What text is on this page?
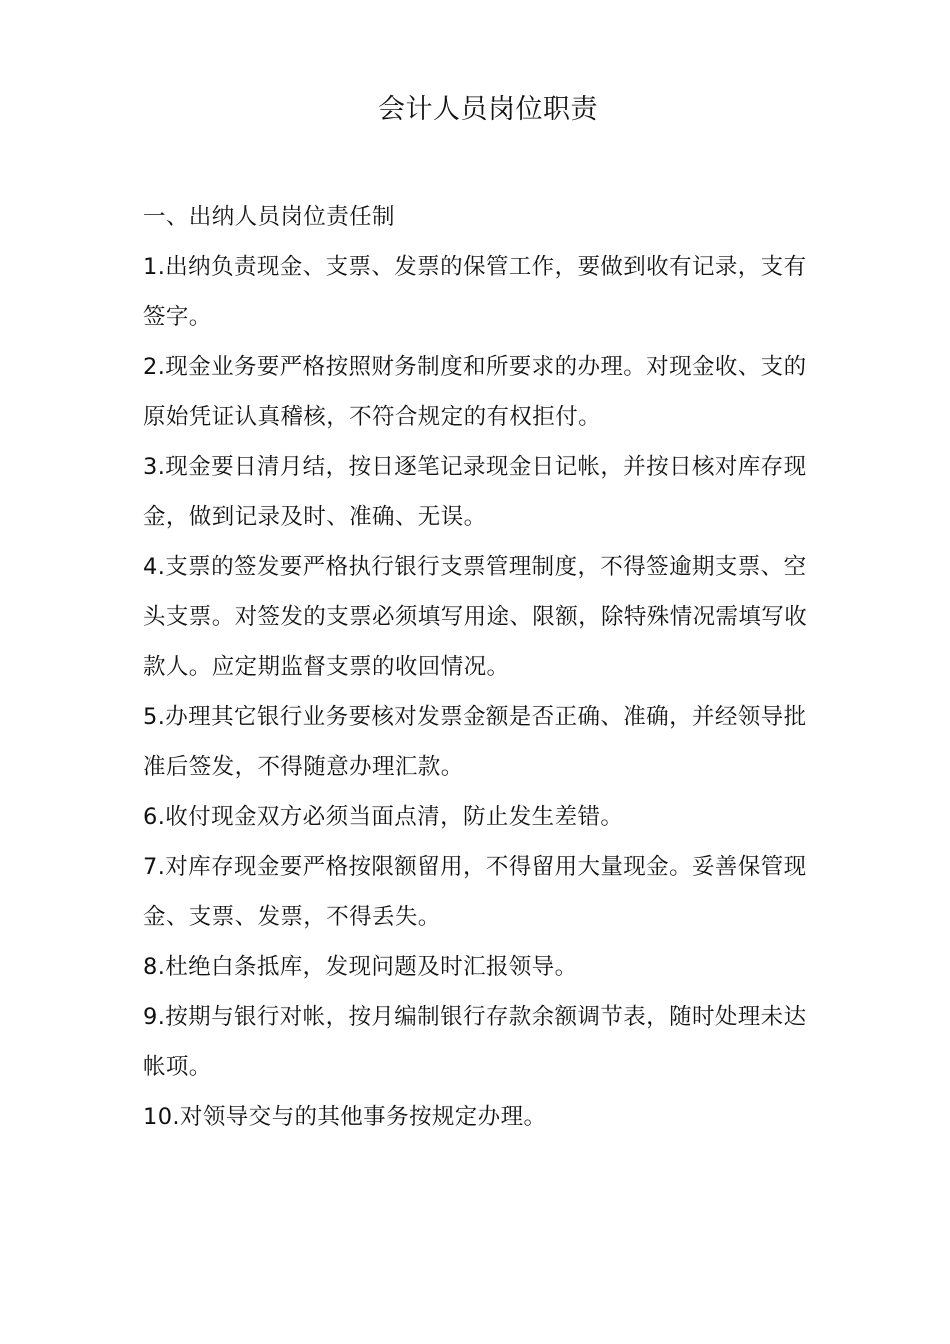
会计人员岗位职责

一、出纳人员岗位责任制

1.出纳负责现金、支票、发票的保管工作，要做到收有记录，支有签字。

2.现金业务要严格按照财务制度和所要求的办理。对现金收、支的原始凭证认真稽核，不符合规定的有权拒付。

3.现金要日清月结，按日逐笔记录现金日记帐，并按日核对库存现金，做到记录及时、准确、无误。

4.支票的签发要严格执行银行支票管理制度，不得签逾期支票、空头支票。对签发的支票必须填写用途、限额，除特殊情况需填写收款人。应定期监督支票的收回情况。

5.办理其它银行业务要核对发票金额是否正确、准确，并经领导批准后签发，不得随意办理汇款。

6.收付现金双方必须当面点清，防止发生差错。

7.对库存现金要严格按限额留用，不得留用大量现金。妥善保管现金、支票、发票，不得丢失。

8.杜绝白条抵库，发现问题及时汇报领导。

9.按期与银行对帐，按月编制银行存款余额调节表，随时处理未达帐项。

10.对领导交与的其他事务按规定办理。
